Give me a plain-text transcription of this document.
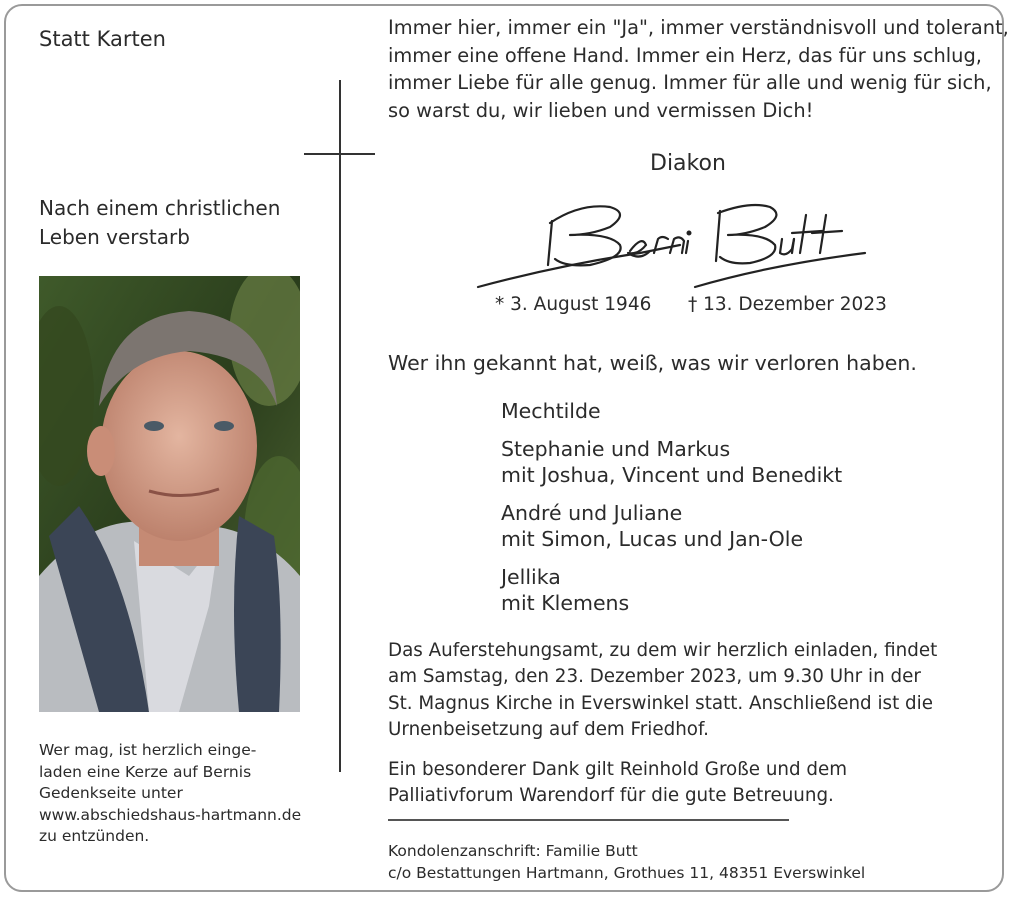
Statt Karten
Nach einem christlichen
Leben verstarb
Wer mag, ist herzlich einge-
laden eine Kerze auf Bernis
Gedenkseite unter
www.abschiedshaus-hartmann.de
zu entzünden.
Immer hier, immer ein "Ja", immer verständnisvoll und tolerant,
immer eine offene Hand. Immer ein Herz, das für uns schlug,
immer Liebe für alle genug. Immer für alle und wenig für sich,
so warst du, wir lieben und vermissen Dich!
Diakon
* 3. August 1946 † 13. Dezember 2023
Wer ihn gekannt hat, weiß, was wir verloren haben.
Mechtilde
Stephanie und Markus
mit Joshua, Vincent und Benedikt
André und Juliane
mit Simon, Lucas und Jan-Ole
Jellika
mit Klemens
Das Auferstehungsamt, zu dem wir herzlich einladen, findet
am Samstag, den 23. Dezember 2023, um 9.30 Uhr in der
St. Magnus Kirche in Everswinkel statt. Anschließend ist die
Urnenbeisetzung auf dem Friedhof.
Ein besonderer Dank gilt Reinhold Große und dem
Palliativforum Warendorf für die gute Betreuung.
Kondolenzanschrift: Familie Butt
c/o Bestattungen Hartmann, Grothues 11, 48351 Everswinkel
